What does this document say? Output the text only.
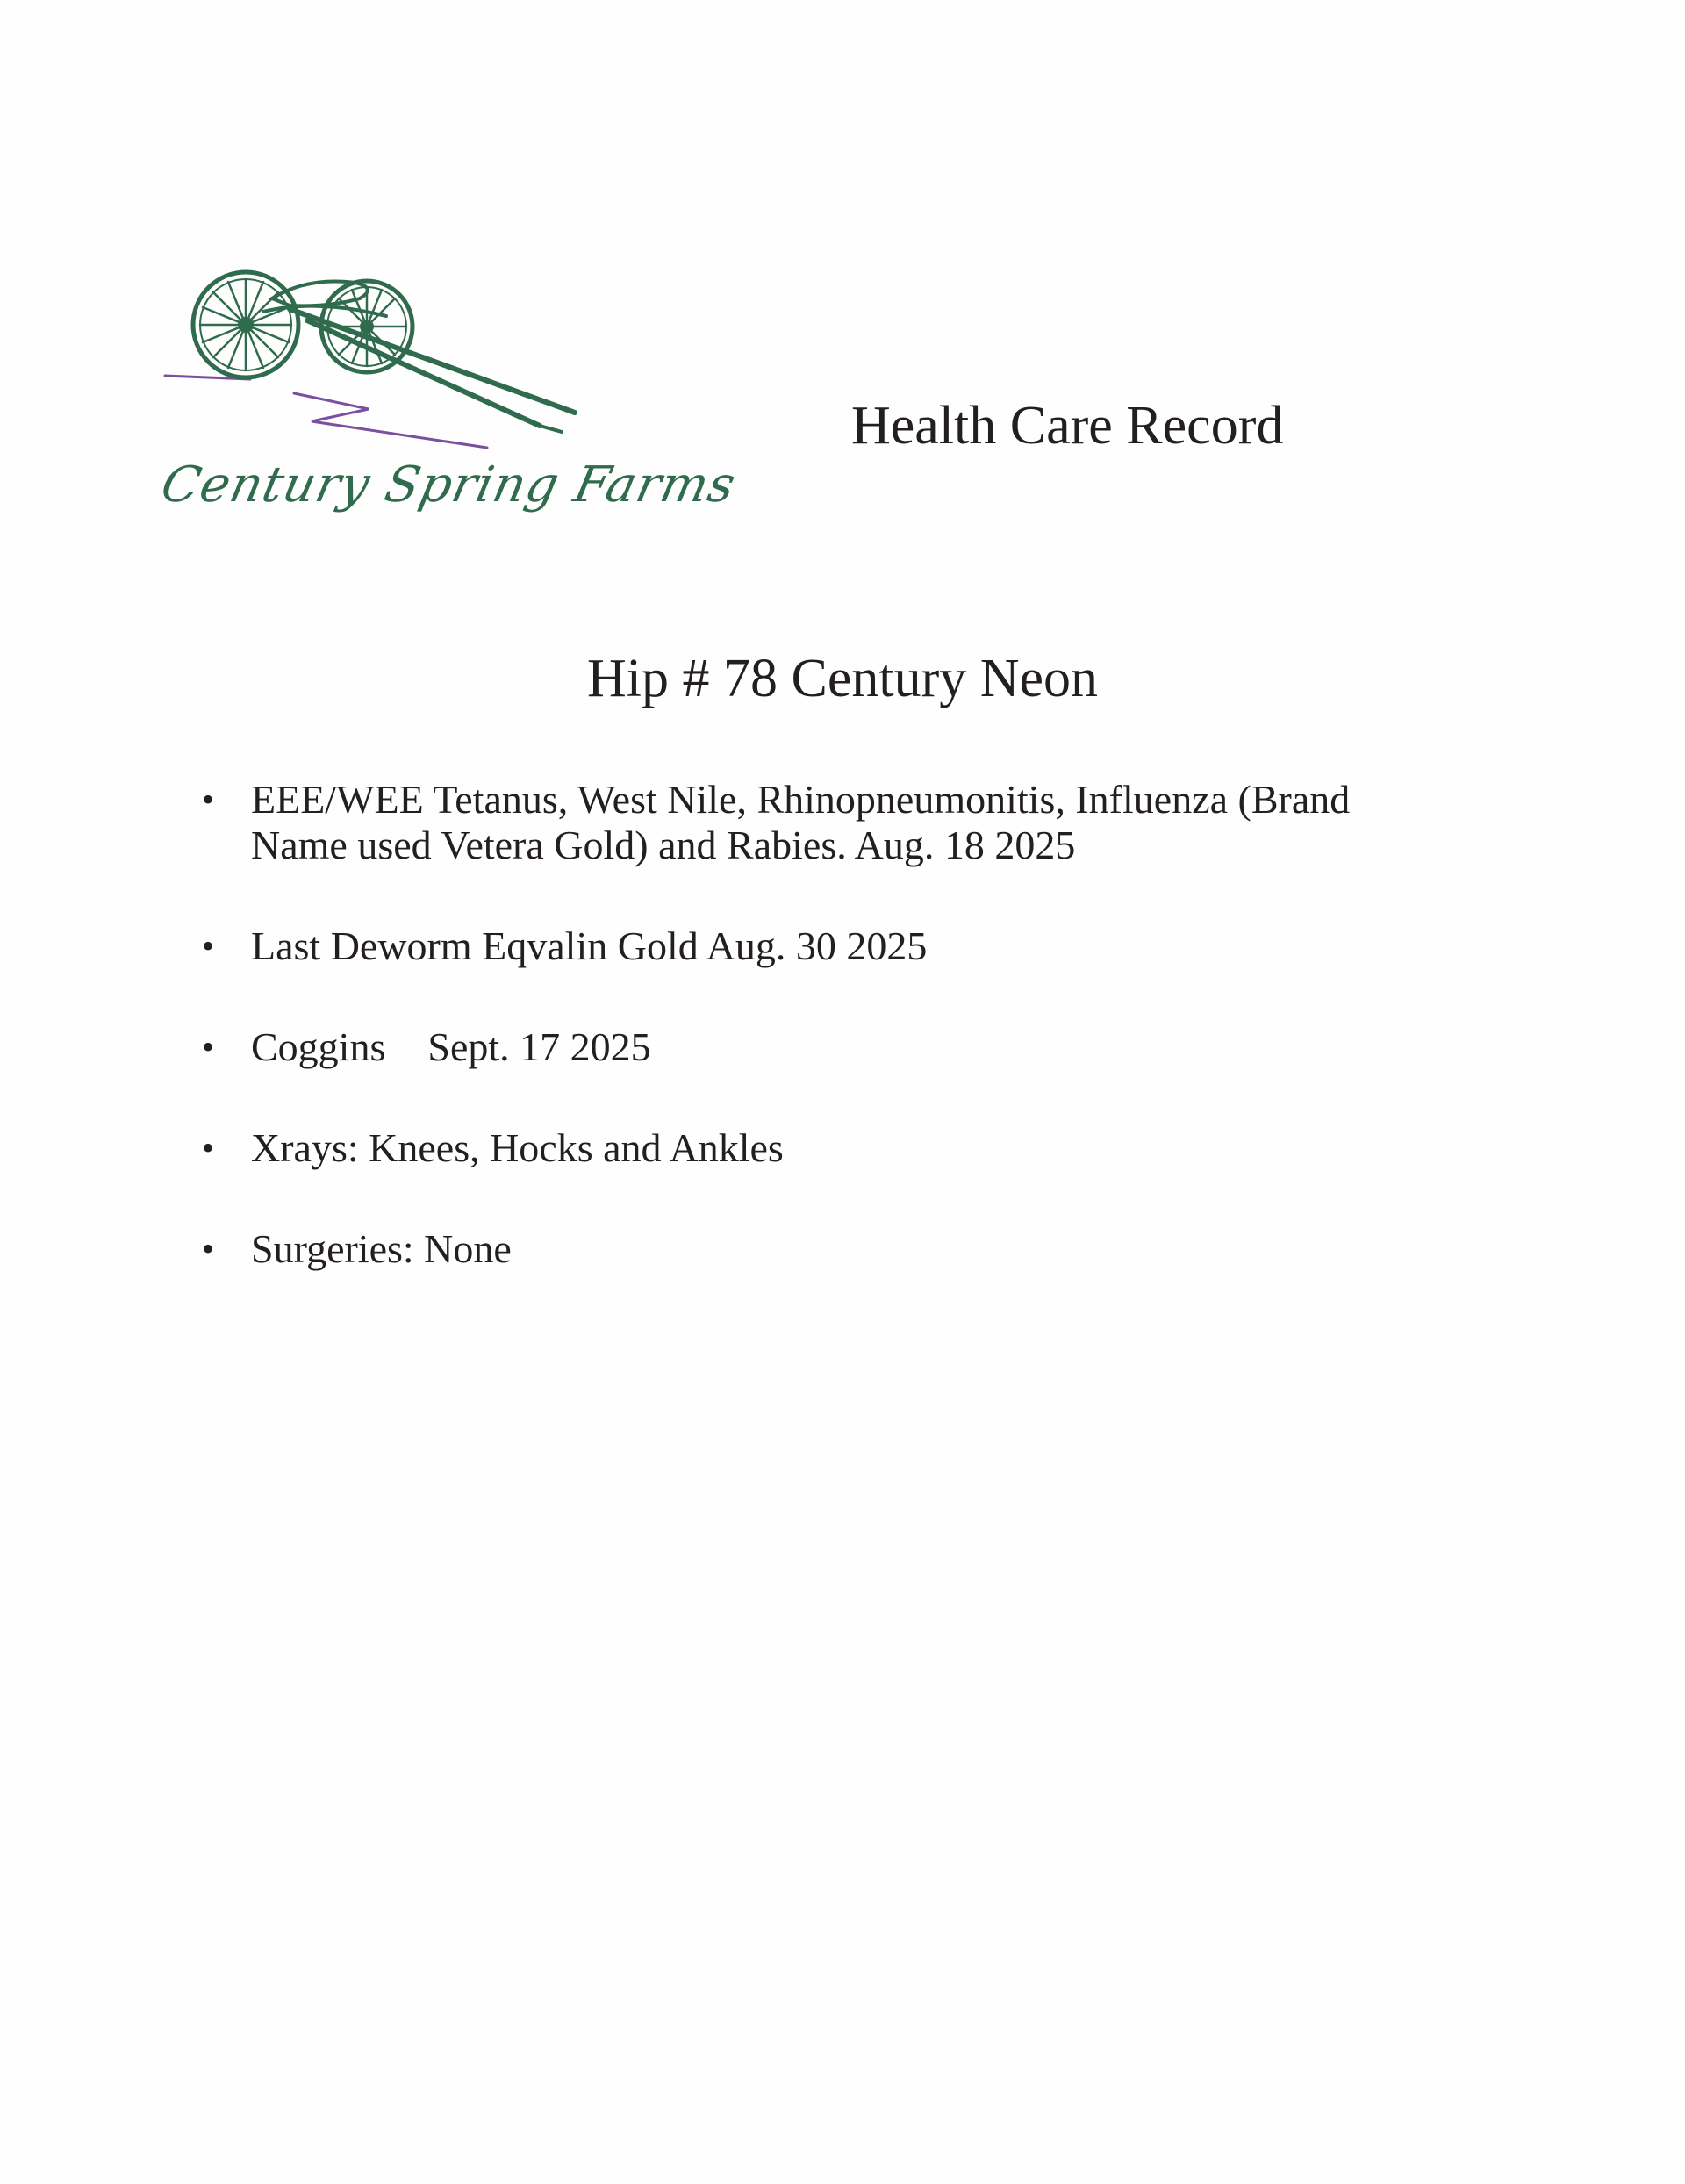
Century Spring Farms
Health Care Record
Hip # 78 Century Neon
• EEE/WEE Tetanus, West Nile, Rhinopneumonitis, Influenza (Brand
Name used Vetera Gold) and Rabies. Aug. 18 2025
• Last Deworm Eqvalin Gold Aug. 30 2025
• Coggins Sept. 17 2025
• Xrays: Knees, Hocks and Ankles
• Surgeries: None
